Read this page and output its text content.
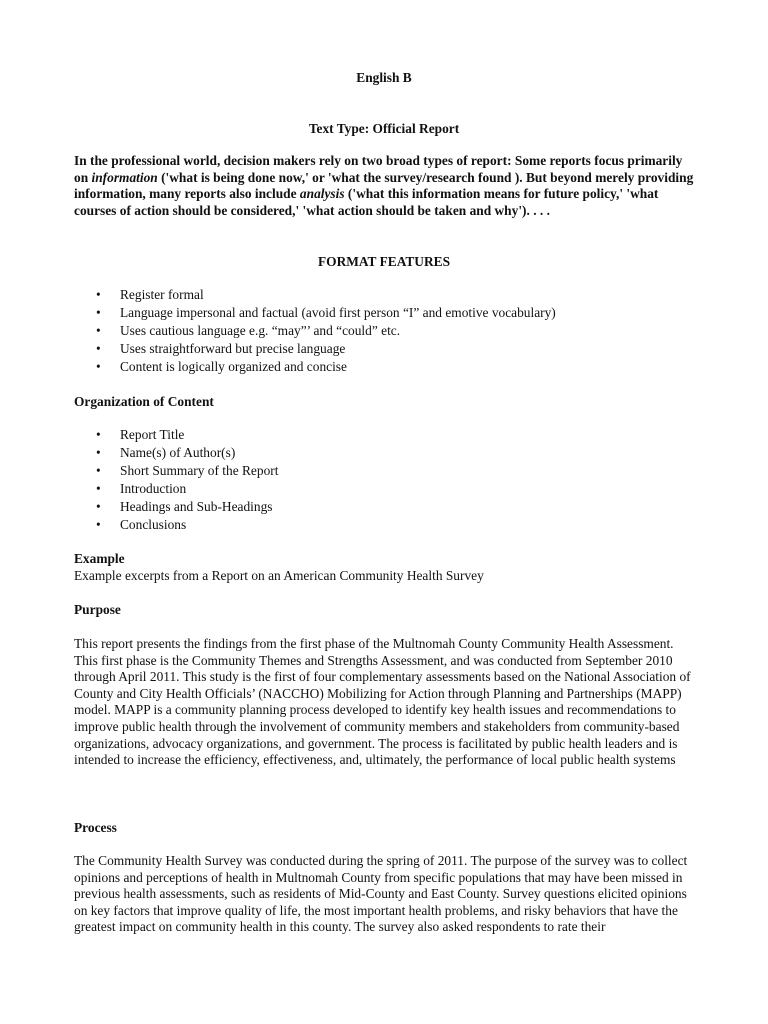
English B
Text Type: Official Report

In the professional world, decision makers rely on two broad types of report: Some reports focus primarily on information ('what is being done now,' or 'what the survey/research found ). But beyond merely providing information, many reports also include analysis ('what this information means for future policy,' 'what courses of action should be considered,' 'what action should be taken and why'). . . .

FORMAT FEATURES
• Register formal
• Language impersonal and factual (avoid first person “I” and emotive vocabulary)
• Uses cautious language e.g. “may”’ and “could” etc.
• Uses straightforward but precise language
• Content is logically organized and concise
Organization of Content
• Report Title
• Name(s) of Author(s)
• Short Summary of the Report
• Introduction
• Headings and Sub-Headings
• Conclusions
Example
Example excerpts from a Report on an American Community Health Survey
Purpose

This report presents the findings from the first phase of the Multnomah County Community Health Assessment. This first phase is the Community Themes and Strengths Assessment, and was conducted from September 2010 through April 2011. This study is the first of four complementary assessments based on the National Association of County and City Health Officials’ (NACCHO) Mobilizing for Action through Planning and Partnerships (MAPP) model. MAPP is a community planning process developed to identify key health issues and recommendations to improve public health through the involvement of community members and stakeholders from community-based organizations, advocacy organizations, and government. The process is facilitated by public health leaders and is intended to increase the efficiency, effectiveness, and, ultimately, the performance of local public health systems

Process

The Community Health Survey was conducted during the spring of 2011. The purpose of the survey was to collect opinions and perceptions of health in Multnomah County from specific populations that may have been missed in previous health assessments, such as residents of Mid-County and East County. Survey questions elicited opinions on key factors that improve quality of life, the most important health problems, and risky behaviors that have the greatest impact on community health in this county. The survey also asked respondents to rate their
